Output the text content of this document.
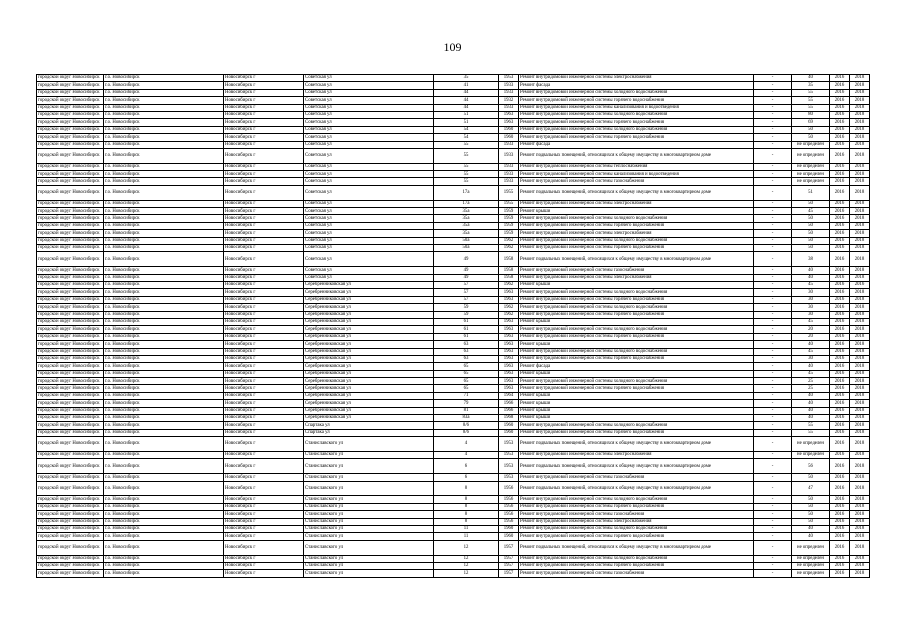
109
городской округ Новосибирск	г.о. Новосибирск	Новосибирск г	Советская ул	35	1953	Ремонт внутридомовой инженерной системы электроснабжения	-	40	2016	2018
городской округ Новосибирск	г.о. Новосибирск	Новосибирск г	Советская ул	41	1933	Ремонт фасада	-	35	2016	2018
городской округ Новосибирск	г.о. Новосибирск	Новосибирск г	Советская ул	44	1933	Ремонт внутридомовой инженерной системы холодного водоснабжения	-	55	2016	2018
городской округ Новосибирск	г.о. Новосибирск	Новосибирск г	Советская ул	44	1932	Ремонт внутридомовой инженерной системы горячего водоснабжения	-	55	2016	2018
городской округ Новосибирск	г.о. Новосибирск	Новосибирск г	Советская ул	44	1933	Ремонт внутридомовой инженерной системы канализования и водоотведения	-	55	2016	2018
городской округ Новосибирск	г.о. Новосибирск	Новосибирск г	Советская ул	51	1963	Ремонт внутридомовой инженерной системы холодного водоснабжения	-	80	2016	2018
городской округ Новосибирск	г.о. Новосибирск	Новосибирск г	Советская ул	51	1963	Ремонт внутридомовой инженерной системы горячего водоснабжения	-	69	2016	2018
городской округ Новосибирск	г.о. Новосибирск	Новосибирск г	Советская ул	54	1960	Ремонт внутридомовой инженерной системы холодного водоснабжения	-	50	2016	2018
городской округ Новосибирск	г.о. Новосибирск	Новосибирск г	Советская ул	54	1960	Ремонт внутридомовой инженерной системы горячего водоснабжения	-	50	2016	2018
городской округ Новосибирск	г.о. Новосибирск	Новосибирск г	Советская ул	55	1933	Ремонт фасада	-	не определен	2016	2018
городской округ Новосибирск	г.о. Новосибирск	Новосибирск г	Советская ул	55	1933	Ремонт подвальных помещений, относящихся к общему имуществу в многоквартирном доме	-	не определен	2016	2018
городской округ Новосибирск	г.о. Новосибирск	Новосибирск г	Советская ул	55	1933	Ремонт внутридомовой инженерной системы теплоснабжения	-	не определен	2016	2018
городской округ Новосибирск	г.о. Новосибирск	Новосибирск г	Советская ул	55	1933	Ремонт внутридомовой инженерной системы канализования и водоотведения	-	не определен	2016	2018
городской округ Новосибирск	г.о. Новосибирск	Новосибирск г	Советская ул	55	1933	Ремонт внутридомовой инженерной системы газоснабжения	-	не определен	2016	2018
городской округ Новосибирск	г.о. Новосибирск	Новосибирск г	Советская ул	17а	1955	Ремонт подвальных помещений, относящихся к общему имуществу в многоквартирном доме	-	51	2016	2018
городской округ Новосибирск	г.о. Новосибирск	Новосибирск г	Советская ул	17а	1955	Ремонт внутридомовой инженерной системы электроснабжения	-	50	2016	2018
городской округ Новосибирск	г.о. Новосибирск	Новосибирск г	Советская ул	35а	1959	Ремонт крыши	-	45	2016	2018
городской округ Новосибирск	г.о. Новосибирск	Новосибирск г	Советская ул	35а	1959	Ремонт внутридомовой инженерной системы холодного водоснабжения	-	50	2016	2018
городской округ Новосибирск	г.о. Новосибирск	Новосибирск г	Советская ул	35а	1959	Ремонт внутридомовой инженерной системы горячего водоснабжения	-	50	2016	2018
городской округ Новосибирск	г.о. Новосибирск	Новосибирск г	Советская ул	35а	1959	Ремонт внутридомовой инженерной системы электроснабжения	-	50	2016	2018
городской округ Новосибирск	г.о. Новосибирск	Новосибирск г	Советская ул	50а	1962	Ремонт внутридомовой инженерной системы холодного водоснабжения	-	50	2016	2018
городской округ Новосибирск	г.о. Новосибирск	Новосибирск г	Советская ул	50а	1962	Ремонт внутридомовой инженерной системы горячего водоснабжения	-	50	2016	2018
городской округ Новосибирск	г.о. Новосибирск	Новосибирск г	Советская ул	49	1958	Ремонт подвальных помещений, относящихся к общему имуществу в многоквартирном доме	-	38	2016	2018
городской округ Новосибирск	г.о. Новосибирск	Новосибирск г	Советская ул	49	1958	Ремонт внутридомовой инженерной системы газоснабжения	-	40	2016	2018
городской округ Новосибирск	г.о. Новосибирск	Новосибирск г	Советская ул	49	1958	Ремонт внутридомовой инженерной системы электроснабжения	-	40	2016	2018
городской округ Новосибирск	г.о. Новосибирск	Новосибирск г	Серебренниковская ул	57	1962	Ремонт крыши	-	45	2016	2016
городской округ Новосибирск	г.о. Новосибирск	Новосибирск г	Серебренниковская ул	57	1963	Ремонт внутридомовой инженерной системы холодного водоснабжения	-	30	2016	2018
городской округ Новосибирск	г.о. Новосибирск	Новосибирск г	Серебренниковская ул	57	1963	Ремонт внутридомовой инженерной системы горячего водоснабжения	-	30	2016	2018
городской округ Новосибирск	г.о. Новосибирск	Новосибирск г	Серебренниковская ул	59	1962	Ремонт внутридомовой инженерной системы холодного водоснабжения	-	30	2016	2018
городской округ Новосибирск	г.о. Новосибирск	Новосибирск г	Серебренниковская ул	59	1962	Ремонт внутридомовой инженерной системы горячего водоснабжения	-	30	2016	2018
городской округ Новосибирск	г.о. Новосибирск	Новосибирск г	Серебренниковская ул	61	1963	Ремонт крыши	-	45	2016	2018
городской округ Новосибирск	г.о. Новосибирск	Новосибирск г	Серебренниковская ул	61	1963	Ремонт внутридомовой инженерной системы холодного водоснабжения	-	20	2016	2018
городской округ Новосибирск	г.о. Новосибирск	Новосибирск г	Серебренниковская ул	61	1963	Ремонт внутридомовой инженерной системы горячего водоснабжения	-	20	2016	2018
городской округ Новосибирск	г.о. Новосибирск	Новосибирск г	Серебренниковская ул	63	1963	Ремонт крыши	-	40	2016	2018
городской округ Новосибирск	г.о. Новосибирск	Новосибирск г	Серебренниковская ул	63	1963	Ремонт внутридомовой инженерной системы холодного водоснабжения	-	45	2016	2018
городской округ Новосибирск	г.о. Новосибирск	Новосибирск г	Серебренниковская ул	63	1963	Ремонт внутридомовой инженерной системы горячего водоснабжения	-	30	2016	2018
городской округ Новосибирск	г.о. Новосибирск	Новосибирск г	Серебренниковская ул	65	1963	Ремонт фасада	-	40	2016	2018
городской округ Новосибирск	г.о. Новосибирск	Новосибирск г	Серебренниковская ул	65	1963	Ремонт крыши	-	45	2016	2018
городской округ Новосибирск	г.о. Новосибирск	Новосибирск г	Серебренниковская ул	65	1963	Ремонт внутридомовой инженерной системы холодного водоснабжения	-	25	2016	2018
городской округ Новосибирск	г.о. Новосибирск	Новосибирск г	Серебренниковская ул	65	1963	Ремонт внутридомовой инженерной системы горячего водоснабжения	-	25	2016	2018
городской округ Новосибирск	г.о. Новосибирск	Новосибирск г	Серебренниковская ул	71	1964	Ремонт крыши	-	40	2016	2018
городской округ Новосибирск	г.о. Новосибирск	Новосибирск г	Серебренниковская ул	79	1966	Ремонт крыши	-	40	2016	2018
городской округ Новосибирск	г.о. Новосибирск	Новосибирск г	Серебренниковская ул	81	1966	Ремонт крыши	-	40	2016	2018
городской округ Новосибирск	г.о. Новосибирск	Новосибирск г	Серебренниковская ул	83а	1968	Ремонт крыши	-	40	2016	2018
городской округ Новосибирск	г.о. Новосибирск	Новосибирск г	Спартака ул	8/6	1960	Ремонт внутридомовой инженерной системы холодного водоснабжения	-	55	2016	2018
городской округ Новосибирск	г.о. Новосибирск	Новосибирск г	Спартака ул	8/6	1960	Ремонт внутридомовой инженерной системы горячего водоснабжения	-	55	2016	2018
городской округ Новосибирск	г.о. Новосибирск	Новосибирск г	Станиславского ул	4	1953	Ремонт подвальных помещений, относящихся к общему имуществу в многоквартирном доме	-	не определен	2016	2018
городской округ Новосибирск	г.о. Новосибирск	Новосибирск г	Станиславского ул	4	1953	Ремонт внутридомовой инженерной системы электроснабжения	-	не определен	2016	2018
городской округ Новосибирск	г.о. Новосибирск	Новосибирск г	Станиславского ул	6	1953	Ремонт подвальных помещений, относящихся к общему имуществу в многоквартирном доме	-	56	2016	2018
городской округ Новосибирск	г.о. Новосибирск	Новосибирск г	Станиславского ул	6	1953	Ремонт внутридомовой инженерной системы газоснабжения	-	50	2016	2018
городской округ Новосибирск	г.о. Новосибирск	Новосибирск г	Станиславского ул	8	1956	Ремонт подвальных помещений, относящихся к общему имуществу в многоквартирном доме	-	47	2016	2018
городской округ Новосибирск	г.о. Новосибирск	Новосибирск г	Станиславского ул	8	1956	Ремонт внутридомовой инженерной системы холодного водоснабжения	-	50	2016	2018
городской округ Новосибирск	г.о. Новосибирск	Новосибирск г	Станиславского ул	8	1956	Ремонт внутридомовой инженерной системы горячего водоснабжения	-	50	2016	2018
городской округ Новосибирск	г.о. Новосибирск	Новосибирск г	Станиславского ул	8	1956	Ремонт внутридомовой инженерной системы газоснабжения	-	50	2016	2018
городской округ Новосибирск	г.о. Новосибирск	Новосибирск г	Станиславского ул	8	1956	Ремонт внутридомовой инженерной системы электроснабжения	-	50	2016	2018
городской округ Новосибирск	г.о. Новосибирск	Новосибирск г	Станиславского ул	11	1960	Ремонт внутридомовой инженерной системы холодного водоснабжения	-	40	2016	2018
городской округ Новосибирск	г.о. Новосибирск	Новосибирск г	Станиславского ул	11	1960	Ремонт внутридомовой инженерной системы горячего водоснабжения	-	40	2016	2018
городской округ Новосибирск	г.о. Новосибирск	Новосибирск г	Станиславского ул	12	1957	Ремонт подвальных помещений, относящихся к общему имуществу в многоквартирном доме	-	не определен	2016	2018
городской округ Новосибирск	г.о. Новосибирск	Новосибирск г	Станиславского ул	12	1957	Ремонт внутридомовой инженерной системы холодного водоснабжения	-	не определен	2016	2018
городской округ Новосибирск	г.о. Новосибирск	Новосибирск г	Станиславского ул	12	1957	Ремонт внутридомовой инженерной системы горячего водоснабжения	-	не определен	2016	2018
городской округ Новосибирск	г.о. Новосибирск	Новосибирск г	Станиславского ул	12	1957	Ремонт внутридомовой инженерной системы газоснабжения	-	не определен	2016	2018
